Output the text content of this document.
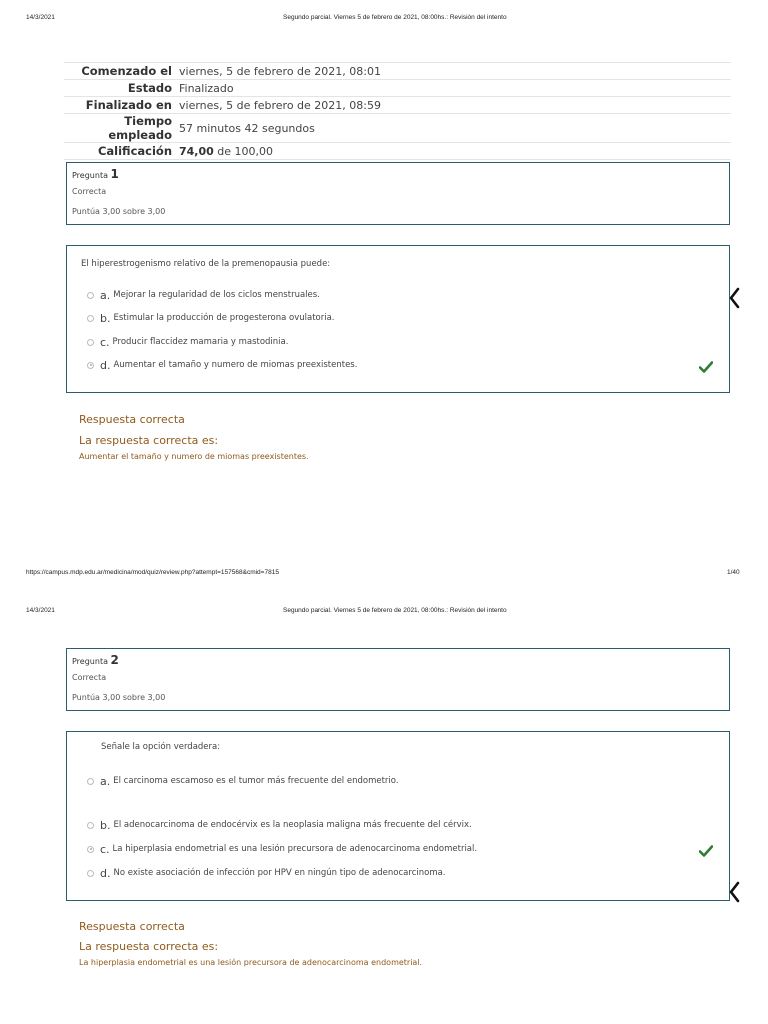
14/3/2021	Segundo parcial. Viernes 5 de febrero de 2021, 08:00hs.: Revisión del intento
Comenzado el	viernes, 5 de febrero de 2021, 08:01
Estado	Finalizado
Finalizado en	viernes, 5 de febrero de 2021, 08:59
Tiempo empleado	57 minutos 42 segundos
Calificación	74,00 de 100,00
Pregunta 1
Correcta
Puntúa 3,00 sobre 3,00
El hiperestrogenismo relativo de la premenopausia puede:
a. Mejorar la regularidad de los ciclos menstruales.
b. Estimular la producción de progesterona ovulatoria.
c. Producir flaccidez mamaria y mastodinia.
d. Aumentar el tamaño y numero de miomas preexistentes.
Respuesta correcta
La respuesta correcta es:
Aumentar el tamaño y numero de miomas preexistentes.
https://campus.mdp.edu.ar/medicina/mod/quiz/review.php?attempt=157568&cmid=7815	1/40
14/3/2021	Segundo parcial. Viernes 5 de febrero de 2021, 08:00hs.: Revisión del intento
Pregunta 2
Correcta
Puntúa 3,00 sobre 3,00
Señale la opción verdadera:
a. El carcinoma escamoso es el tumor más frecuente del endometrio.
b. El adenocarcinoma de endocérvix es la neoplasia maligna más frecuente del cérvix.
c. La hiperplasia endometrial es una lesión precursora de adenocarcinoma endometrial.
d. No existe asociación de infección por HPV en ningún tipo de adenocarcinoma.
Respuesta correcta
La respuesta correcta es:
La hiperplasia endometrial es una lesión precursora de adenocarcinoma endometrial.
